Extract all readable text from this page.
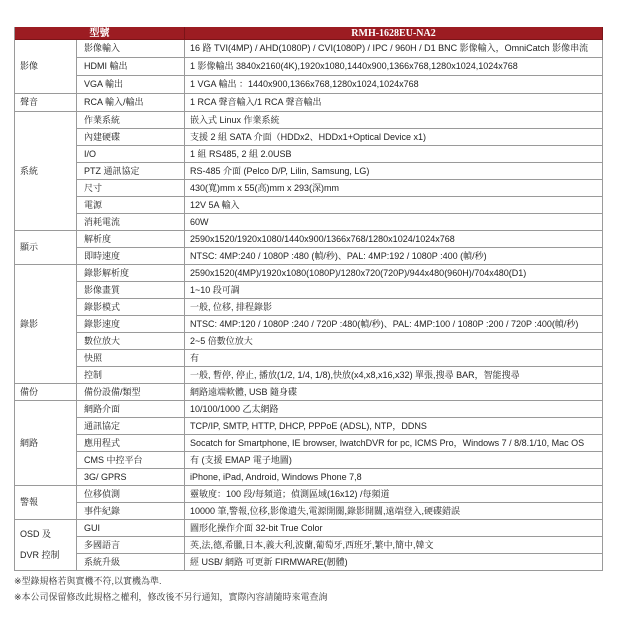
型號	RMH-1628EU-NA2
影像
影像輸入	16 路 TVI(4MP) / AHD(1080P) / CVI(1080P) / IPC / 960H / D1 BNC 影像輸入，OmniCatch 影像串流
HDMI 輸出	1 影像輸出 3840x2160(4K),1920x1080,1440x900,1366x768,1280x1024,1024x768
VGA 輸出	1 VGA 輸出 ：1440x900,1366x768,1280x1024,1024x768
聲音	RCA 輸入/輸出	1 RCA 聲音輸入/1 RCA 聲音輸出
系統
作業系統	嵌入式 Linux 作業系統
內建硬碟	支援 2 組 SATA 介面（HDDx2、HDDx1+Optical Device x1)
I/O	1 組 RS485, 2 組 2.0USB
PTZ 通訊協定	RS-485 介面 (Pelco D/P, Lilin, Samsung, LG)
尺寸	430(寬)mm x 55(高)mm x 293(深)mm
電源	12V 5A 輸入
消耗電流	60W
顯示
解析度	2590x1520/1920x1080/1440x900/1366x768/1280x1024/1024x768
即時速度	NTSC: 4MP:240 / 1080P :480 (幀/秒)、PAL: 4MP:192 / 1080P :400 (幀/秒)
錄影
錄影解析度	2590x1520(4MP)/1920x1080(1080P)/1280x720(720P)/944x480(960H)/704x480(D1)
影像畫質	1~10 段可調
錄影模式	一般, 位移, 排程錄影
錄影速度	NTSC: 4MP:120 / 1080P :240 / 720P :480(幀/秒)、PAL: 4MP:100 / 1080P :200 / 720P :400(幀/秒)
數位放大	2~5 倍數位放大
快照	有
控制	一般, 暫停, 停止, 播放(1/2, 1/4, 1/8),快放(x4,x8,x16,x32) 單張,搜尋 BAR，智能搜尋
備份	備份設備/類型	網路遠端軟體, USB 隨身碟
網路
網路介面	10/100/1000 乙太網路
通訊協定	TCP/IP, SMTP, HTTP, DHCP, PPPoE (ADSL), NTP，DDNS
應用程式	Socatch for Smartphone, IE browser, IwatchDVR for pc, ICMS Pro，Windows 7 / 8/8.1/10, Mac OS
CMS 中控平台	有 (支援 EMAP 電子地圖)
3G/ GPRS	iPhone, iPad, Android, Windows Phone 7,8
警報
位移偵測	靈敏度：100 段/每頻道；偵測區域(16x12) /每頻道
事件紀錄	10000 筆,警報,位移,影像遺失,電源開關,錄影開關,遠端登入,硬碟錯誤
OSD 及
DVR 控制
GUI	圖形化操作介面 32-bit True Color
多國語言	英,法,德,希臘,日本,義大利,波蘭,葡萄牙,西班牙,繁中,簡中,韓文
系統升級	經 USB/ 網路 可更新 FIRMWARE(韌體)
※型錄規格若與實機不符,以實機為準.
※本公司保留修改此規格之權利，修改後不另行通知，實際內容請隨時來電查詢
